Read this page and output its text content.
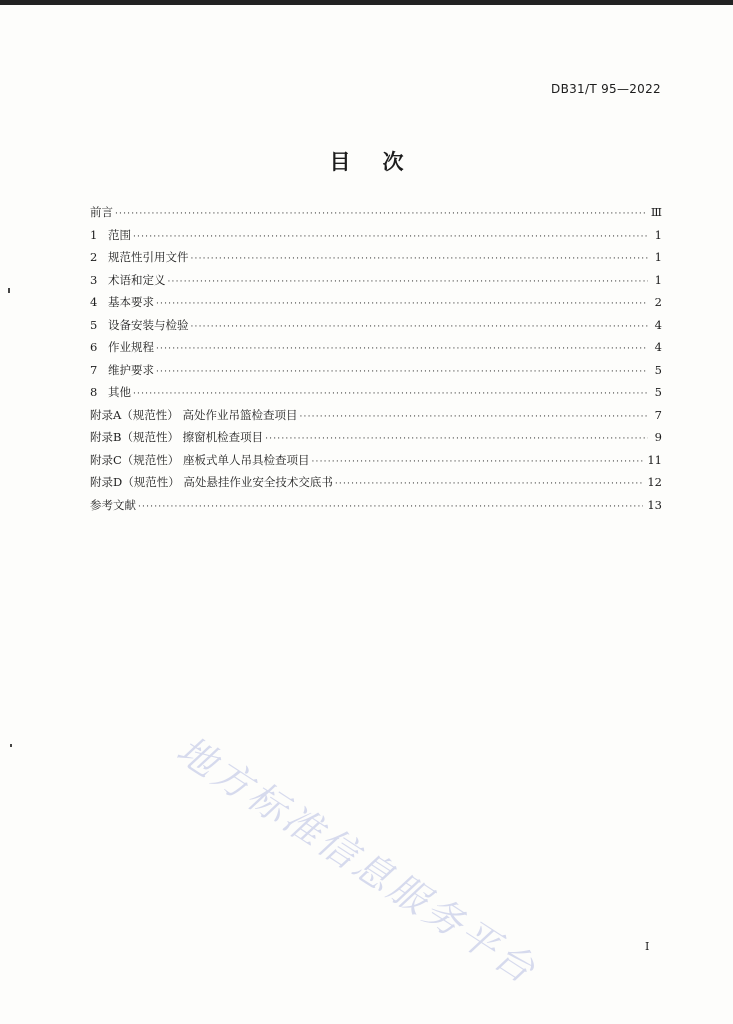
DB31/T 95—2022
目次
前言 ·····	Ⅲ
1 范围 ·····	1
2 规范性引用文件 ·····	1
3 术语和定义 ·····	1
4 基本要求 ·····	2
5 设备安装与检验 ·····	4
6 作业规程 ·····	4
7 维护要求 ·····	5
8 其他 ·····	5
附录A（规范性） 高处作业吊篮检查项目 ·····	7
附录B（规范性） 擦窗机检查项目 ·····	9
附录C（规范性） 座板式单人吊具检查项目 ·····	11
附录D（规范性） 高处悬挂作业安全技术交底书 ·····	12
参考文献 ·····	13
地方标准信息服务平台	I
